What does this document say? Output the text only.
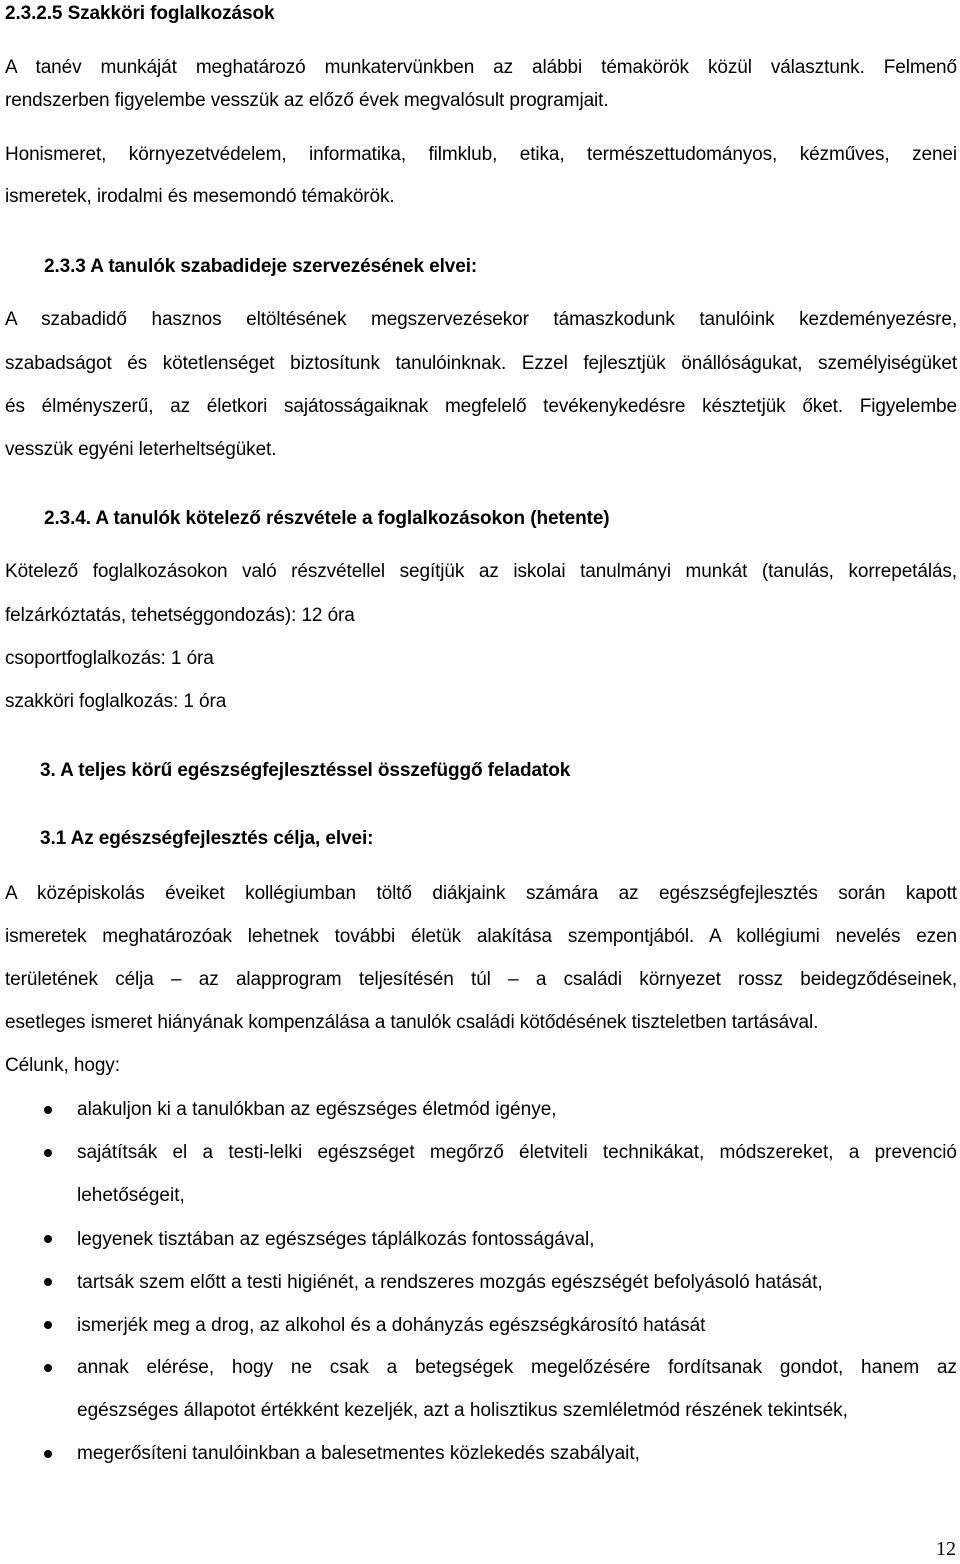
2.3.2.5 Szakköri foglalkozások
A tanév munkáját meghatározó munkatervünkben az alábbi témakörök közül választunk. Felmenő
rendszerben figyelembe vesszük az előző évek megvalósult programjait.
Honismeret, környezetvédelem, informatika, filmklub, etika, természettudományos, kézműves, zenei
ismeretek, irodalmi és mesemondó témakörök.
2.3.3 A tanulók szabadideje szervezésének elvei:
A szabadidő hasznos eltöltésének megszervezésekor támaszkodunk tanulóink kezdeményezésre,
szabadságot és kötetlenséget biztosítunk tanulóinknak. Ezzel fejlesztjük önállóságukat, személyiségüket
és élményszerű, az életkori sajátosságaiknak megfelelő tevékenykedésre késztetjük őket. Figyelembe
vesszük egyéni leterheltségüket.
2.3.4. A tanulók kötelező részvétele a foglalkozásokon (hetente)
Kötelező foglalkozásokon való részvétellel segítjük az iskolai tanulmányi munkát (tanulás, korrepetálás,
felzárkóztatás, tehetséggondozás): 12 óra
csoportfoglalkozás: 1 óra
szakköri foglalkozás: 1 óra
3. A teljes körű egészségfejlesztéssel összefüggő feladatok
3.1 Az egészségfejlesztés célja, elvei:
A középiskolás éveiket kollégiumban töltő diákjaink számára az egészségfejlesztés során kapott
ismeretek meghatározóak lehetnek további életük alakítása szempontjából. A kollégiumi nevelés ezen
területének célja – az alapprogram teljesítésén túl – a családi környezet rossz beidegződéseinek,
esetleges ismeret hiányának kompenzálása a tanulók családi kötődésének tiszteletben tartásával.
Célunk, hogy:
alakuljon ki a tanulókban az egészséges életmód igénye,
sajátítsák el a testi-lelki egészséget megőrző életviteli technikákat, módszereket, a prevenció
lehetőségeit,
legyenek tisztában az egészséges táplálkozás fontosságával,
tartsák szem előtt a testi higiénét, a rendszeres mozgás egészségét befolyásoló hatását,
ismerjék meg a drog, az alkohol és a dohányzás egészségkárosító hatását
annak elérése, hogy ne csak a betegségek megelőzésére fordítsanak gondot, hanem az
egészséges állapotot értékként kezeljék, azt a holisztikus szemléletmód részének tekintsék,
megerősíteni tanulóinkban a balesetmentes közlekedés szabályait,
12
